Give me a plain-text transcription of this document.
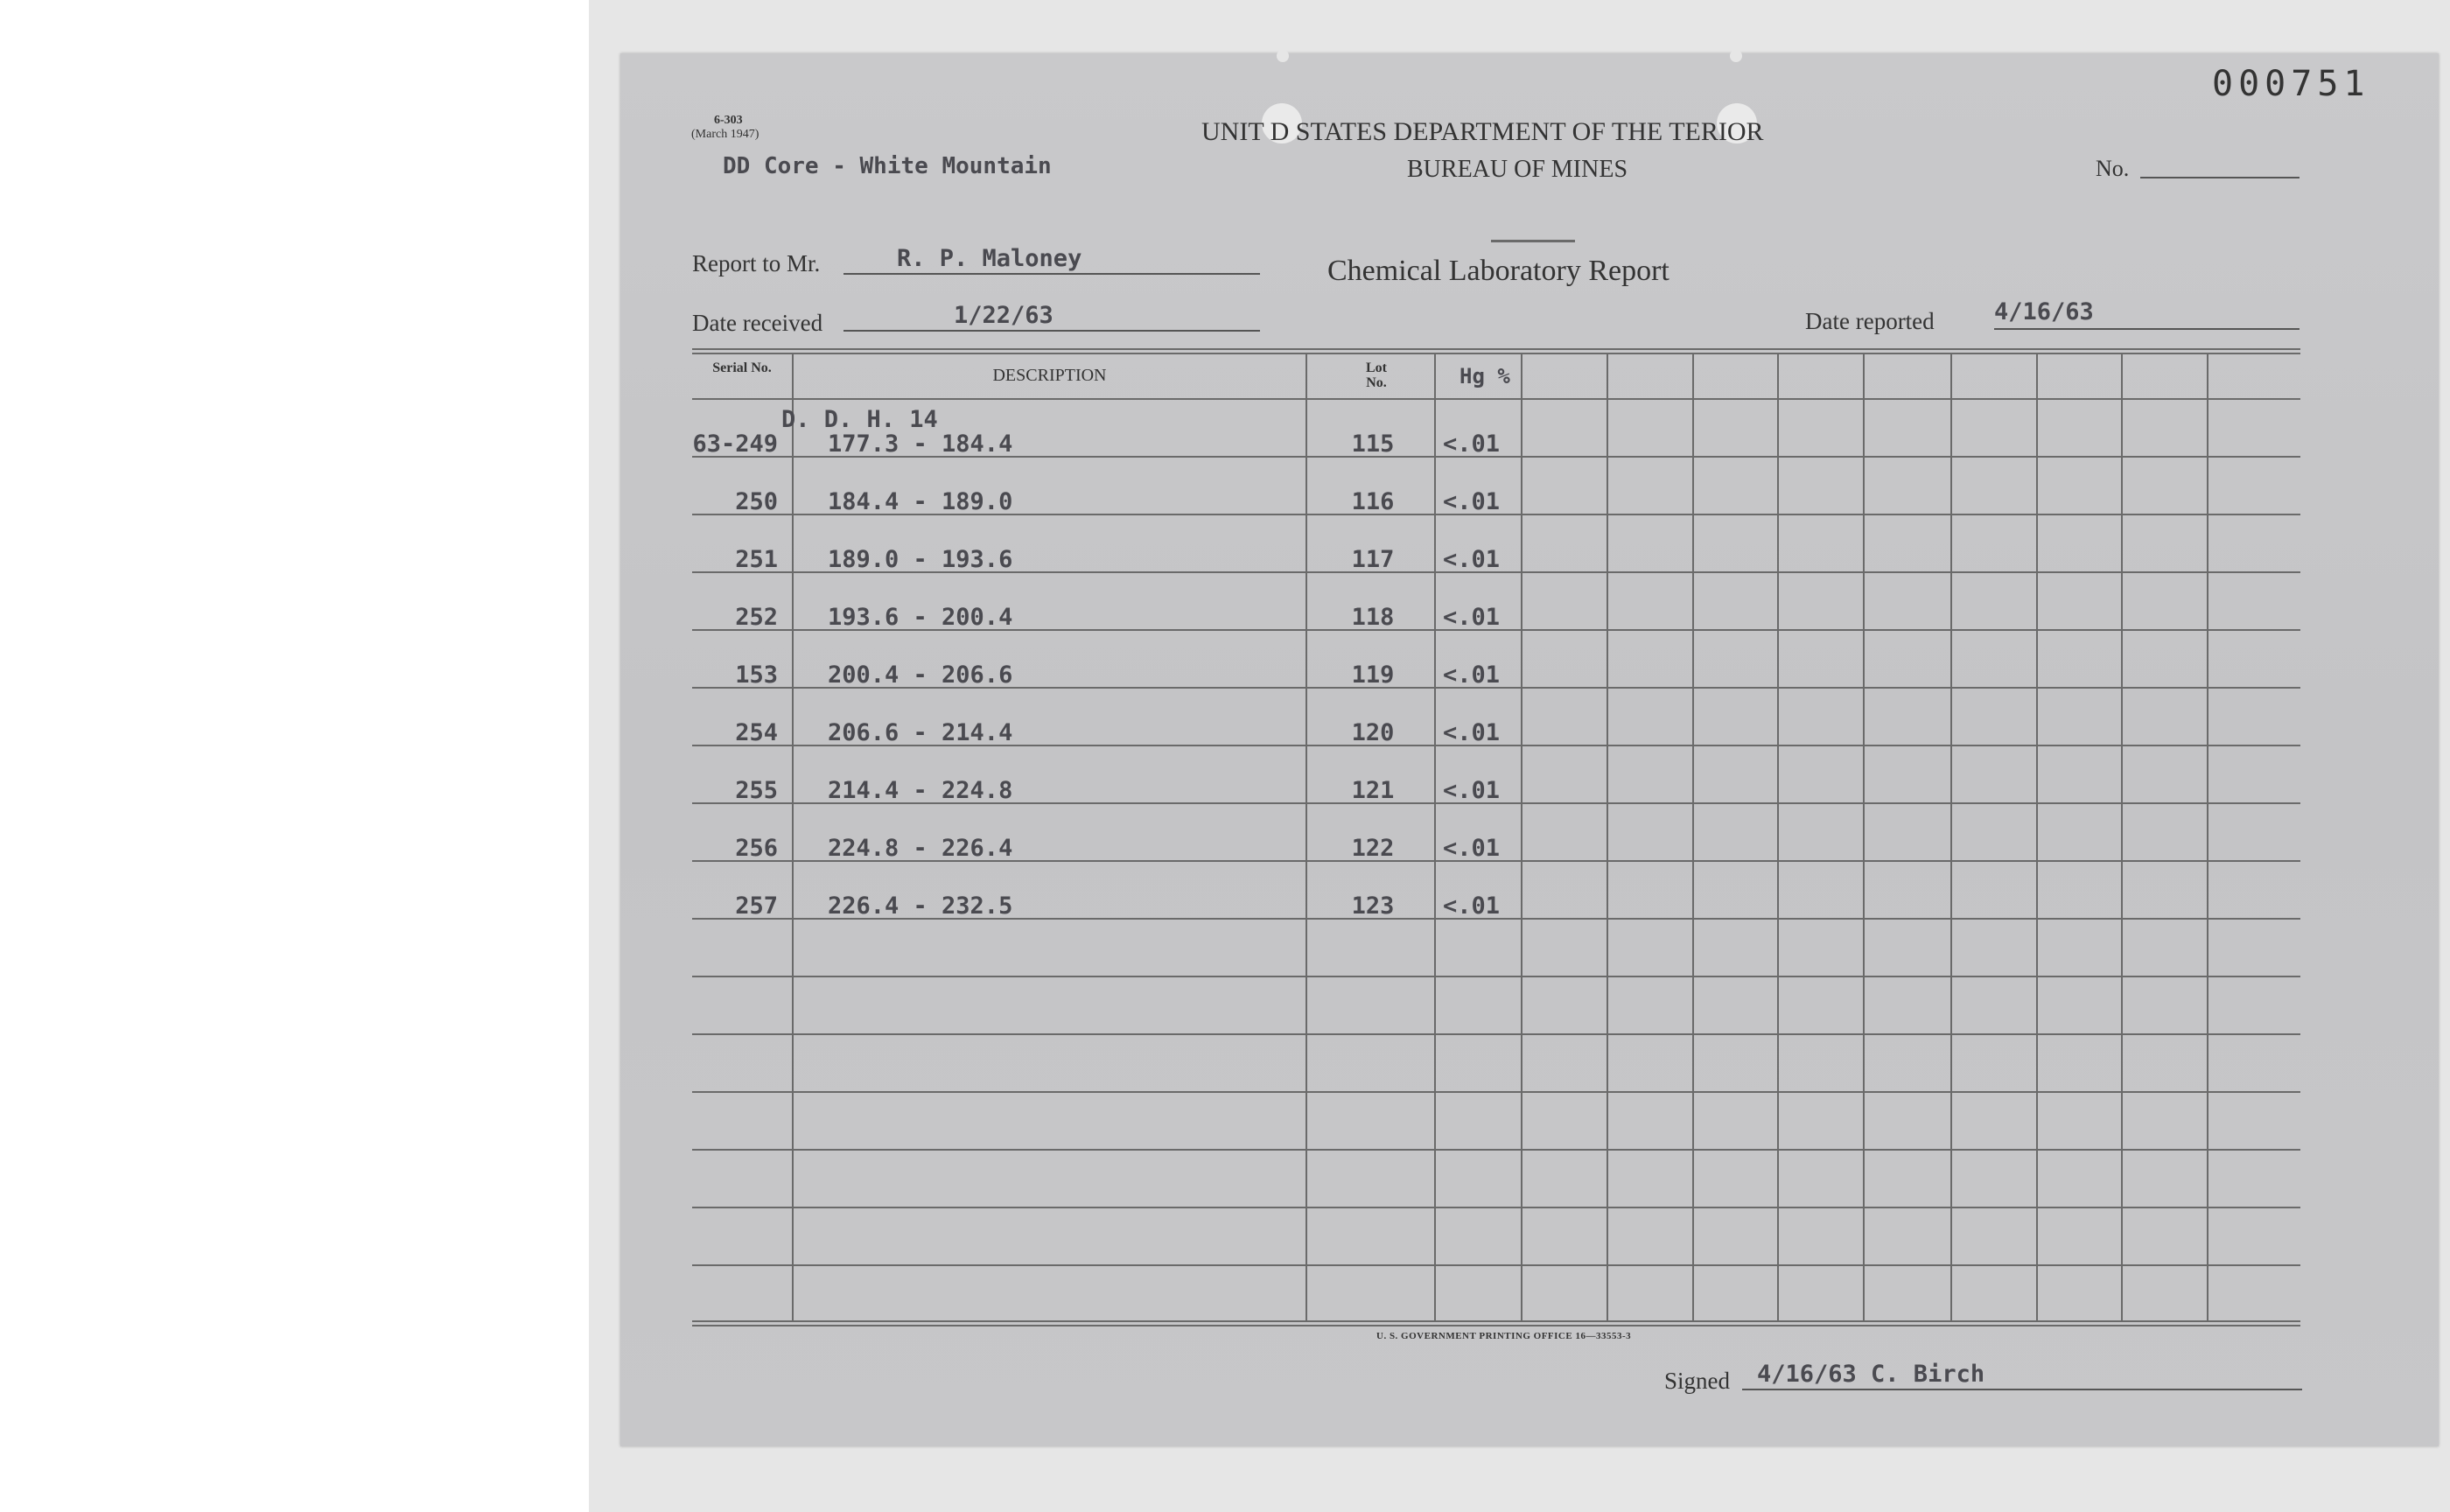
000751
6-303
(March 1947)
DD Core - White Mountain
UNIT D STATES DEPARTMENT OF THE TERIOR
BUREAU OF MINES	No.
Chemical Laboratory Report
Report to Mr.	R. P. Maloney
Date received	1/22/63	Date reported	4/16/63
Serial No.	DESCRIPTION	Lot No.	Hg %
D. D. H. 14
63-249 177.3 - 184.4	115	<.01
250 184.4 - 189.0	116	<.01
251 189.0 - 193.6	117	<.01
252 193.6 - 200.4	118	<.01
153 200.4 - 206.6	119	<.01
254 206.6 - 214.4	120	<.01
255 214.4 - 224.8	121	<.01
256 224.8 - 226.4	122	<.01
257 226.4 - 232.5	123	<.01
U. S. GOVERNMENT PRINTING OFFICE 16—33553-3
Signed 4/16/63 C. Birch
